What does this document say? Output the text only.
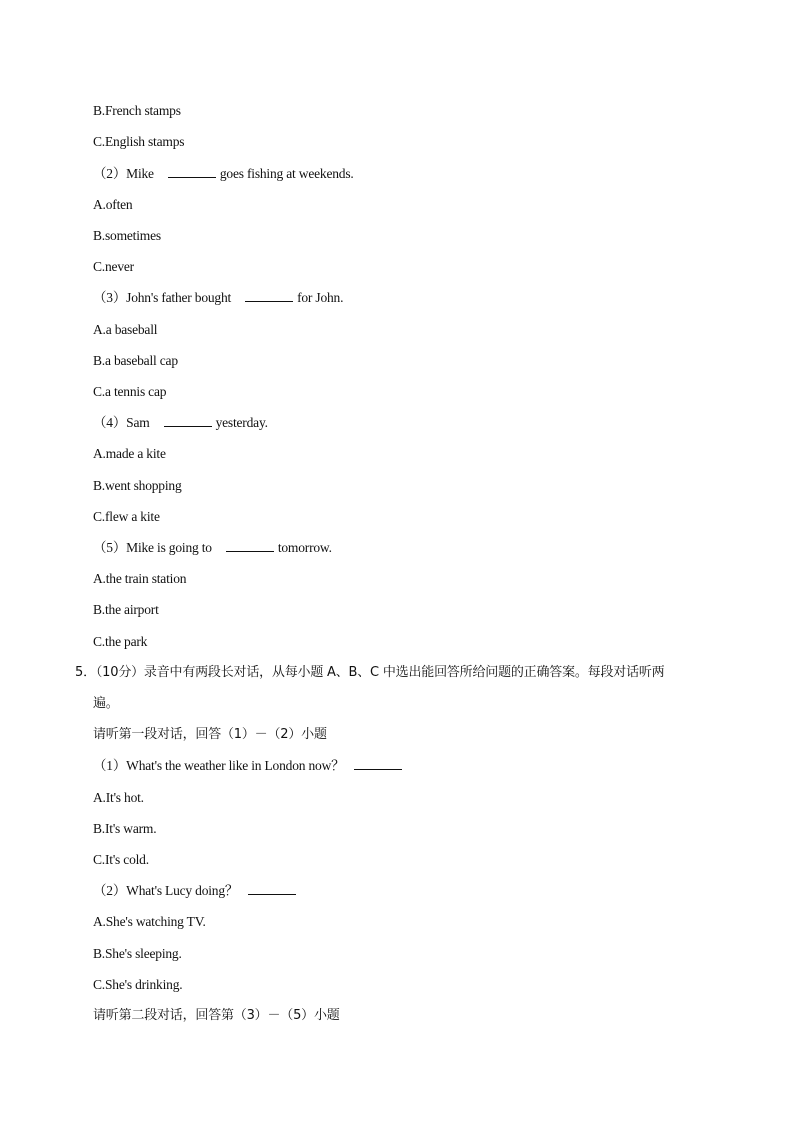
B.French stamps
C.English stamps
（2）Mike	goes fishing at weekends.
A.often
B.sometimes
C.never
（3）John's father bought	for John.
A.a baseball
B.a baseball cap
C.a tennis cap
（4）Sam	yesterday.
A.made a kite
B.went shopping
C.flew a kite
（5）Mike is going to	tomorrow.
A.the train station
B.the airport
C.the park
5．（10分）录音中有两段长对话，从每小题 A、B、C 中选出能回答所给问题的正确答案。每段对话听两
遍。
请听第一段对话，回答（1）－（2）小题
（1）What's the weather like in London now？
A.It's hot.
B.It's warm.
C.It's cold.
（2）What's Lucy doing？
A.She's watching TV.
B.She's sleeping.
C.She's drinking.
请听第二段对话，回答第（3）－（5）小题
